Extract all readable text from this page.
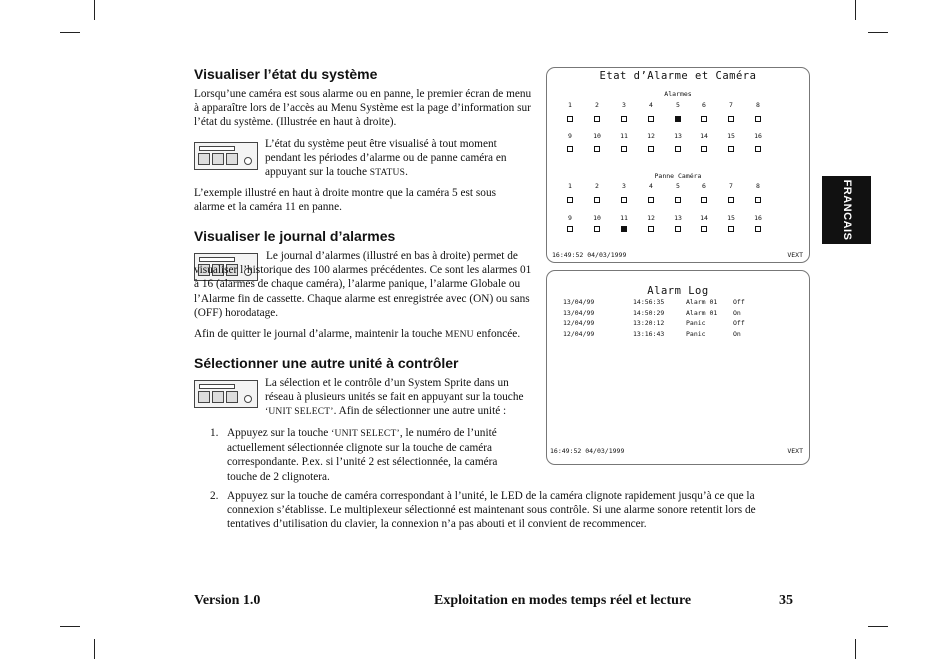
FRANCAIS
Visualiser l’état du système

Lorsqu’une caméra est sous alarme ou en panne, le premier écran de menu à apparaître lors de l’accès au Menu Système est la page d’information sur l’état du système. (Illustrée en haut à droite).

L’état du système peut être visualisé à tout moment pendant les périodes d’alarme ou de panne caméra en appuyant sur la touche STATUS.

L’exemple illustré en haut à droite montre que la caméra 5 est sous alarme et la caméra 11 en panne.

Visualiser le journal d’alarmes

Le journal d’alarmes (illustré en bas à droite) permet de visualiser l’historique des 100 alarmes précédentes. Ce sont les alarmes 01 à 16 (alarmes de chaque caméra), l’alarme panique, l’alarme Globale ou l’Alarme fin de cassette. Chaque alarme est enregistrée avec (ON) ou sans (OFF) horodatage.

Afin de quitter le journal d’alarme, maintenir la touche MENU enfoncée.

Sélectionner une autre unité à contrôler

La sélection et le contrôle d’un System Sprite dans un réseau à plusieurs unités se fait en appuyant sur la touche ‘UNIT SELECT’. Afin de sélectionner une autre unité :

1. Appuyez sur la touche ‘UNIT SELECT’, le numéro de l’unité actuellement sélectionnée clignote sur la touche de caméra correspondante. P.ex. si l’unité 2 est sélectionnée, la caméra touche de 2 clignotera.

2. Appuyez sur la touche de caméra correspondant à l’unité, le LED de la caméra clignote rapidement jusqu’à ce que la connexion s’établisse. Le multiplexeur sélectionné est maintenant sous contrôle. Si une alarme sonore retentit lors de tentatives d’utilisation du clavier, la connexion n’a pas abouti et il convient de recommencer.

Etat d’Alarme et Caméra
Alarmes
1	2	3	4	5	6	7	8
9	10	11	12	13	14	15	16
Panne Caméra
1	2	3	4	5	6	7	8
9	10	11	12	13	14	15	16
16:49:52 04/03/1999	VEXT
Alarm Log
13/04/99	14:56:35	Alarm 01 Off
13/04/99	14:50:29	Alarm 01 On
12/04/99	13:20:12	Panic	Off
12/04/99	13:16:43	Panic	On
16:49:52 04/03/1999	VEXT
Version 1.0	Exploitation en modes temps réel et lecture	35
